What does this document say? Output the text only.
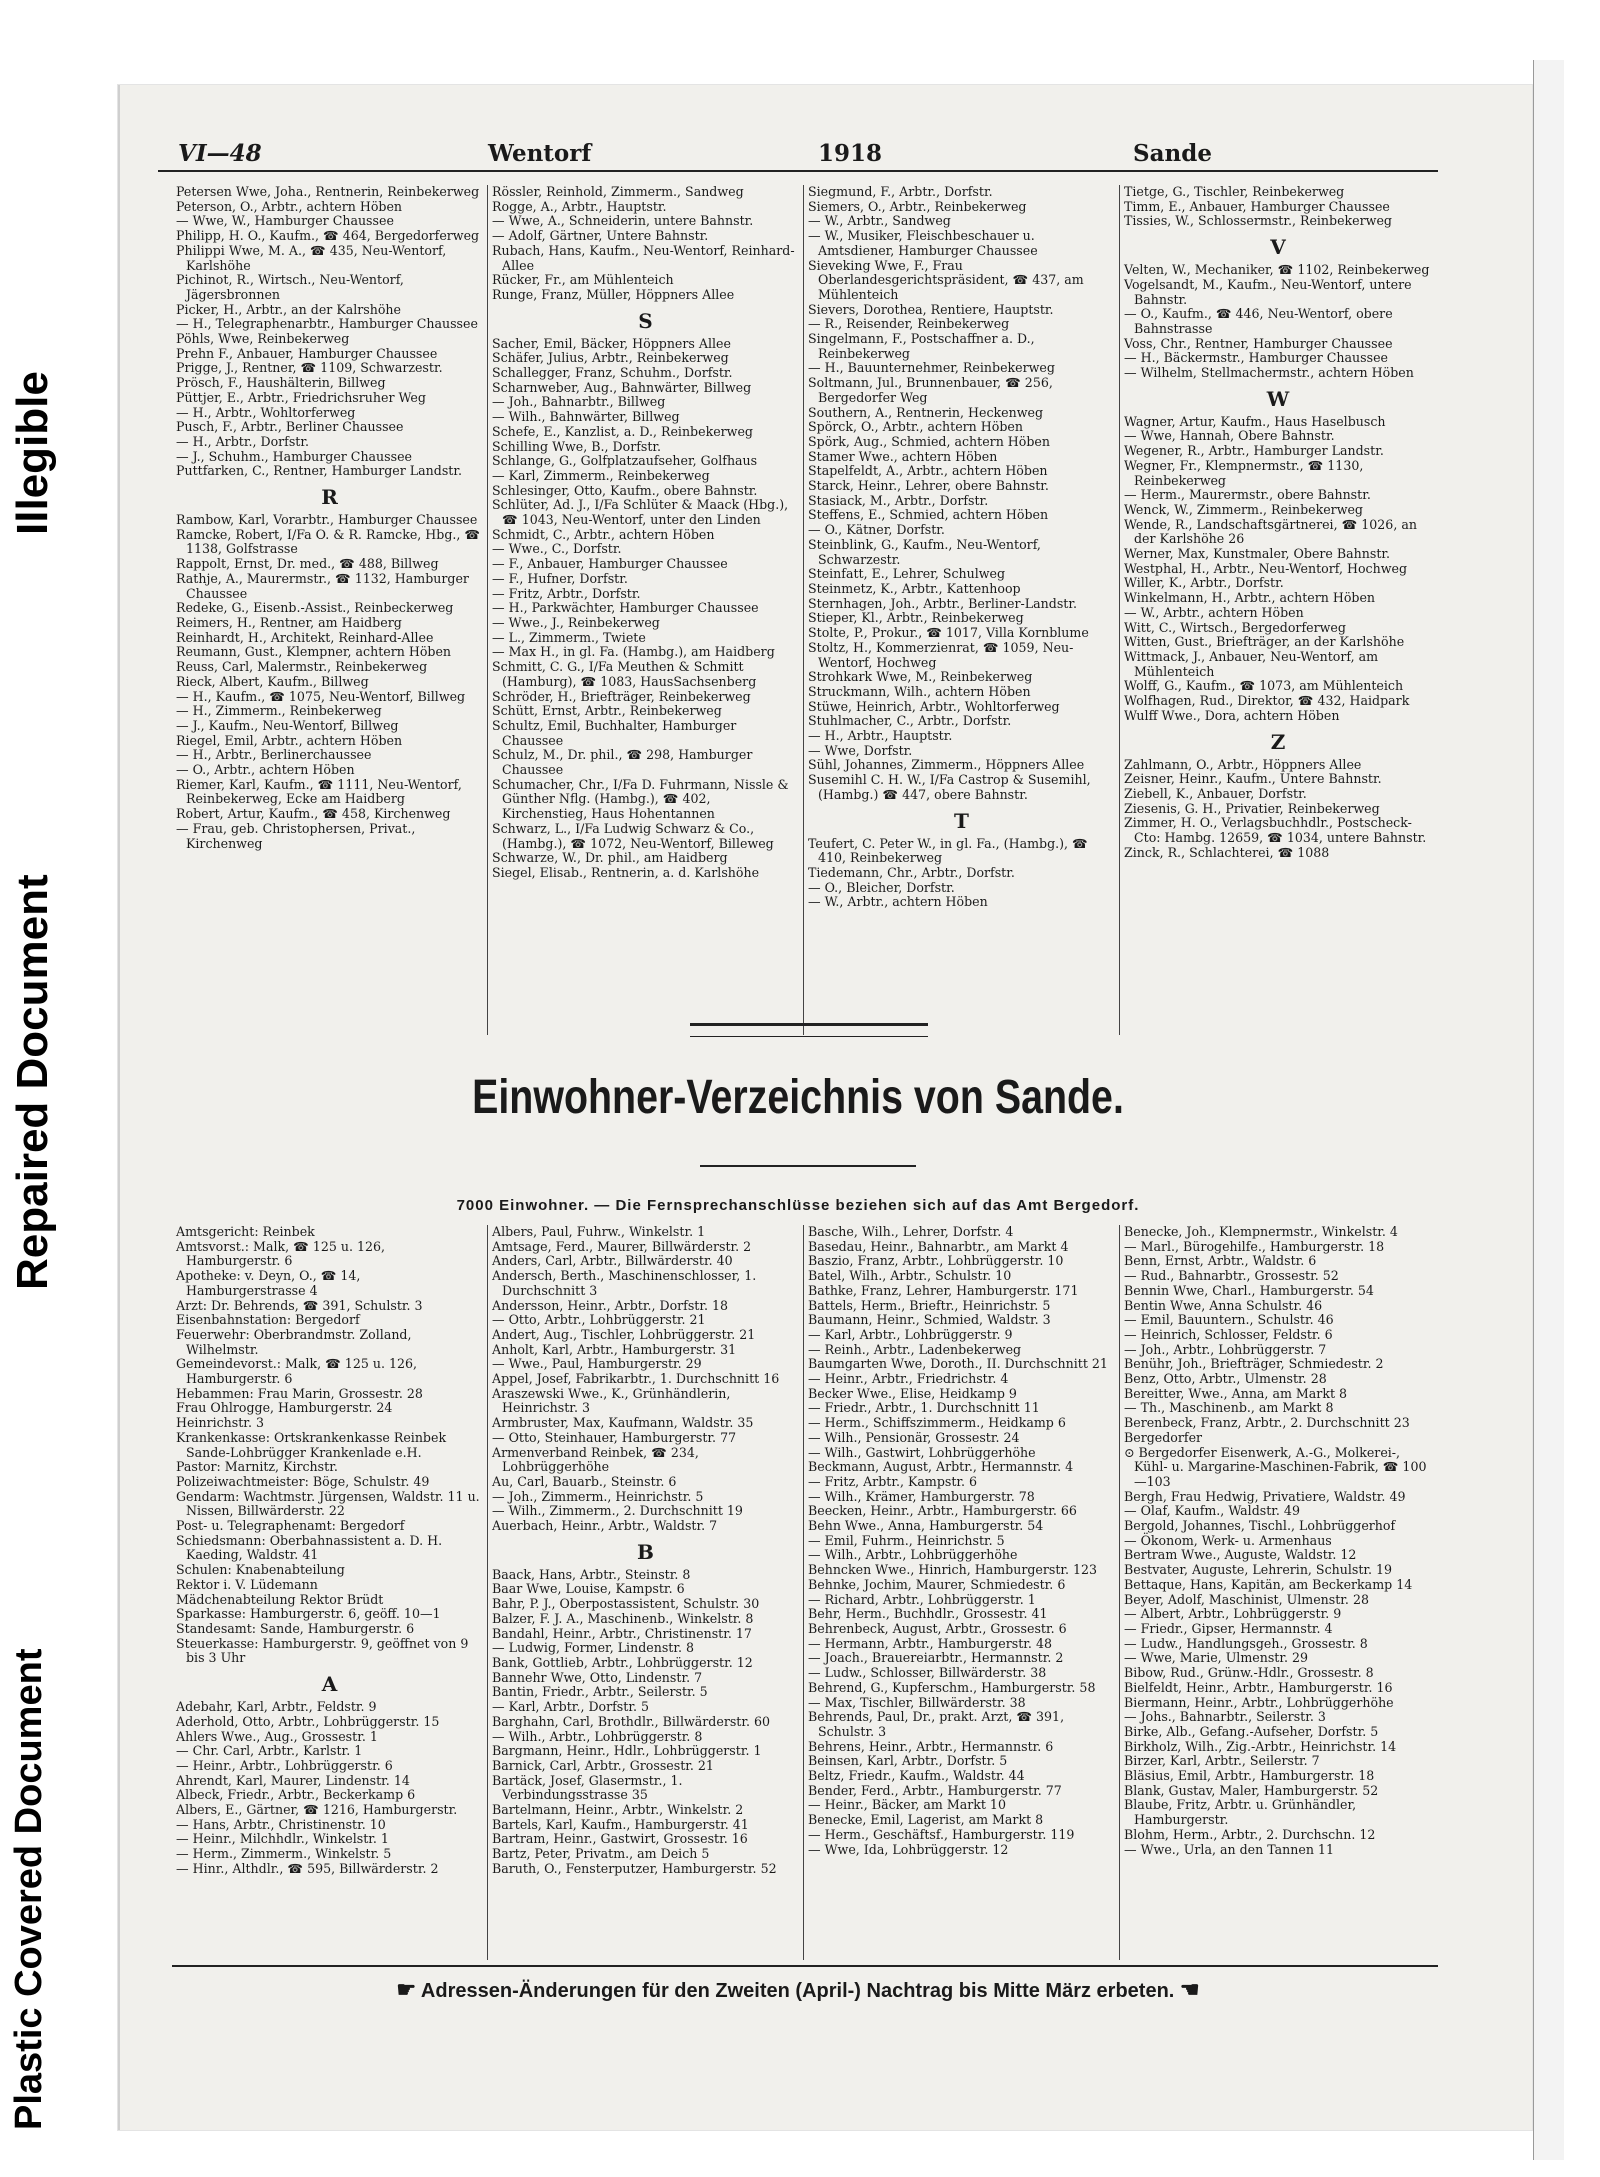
Illegible
Repaired Document
Plastic Covered Document
VI—48	Wentorf	1918	Sande

Petersen Wwe, Joha., Rentnerin, Reinbekerweg

Peterson, O., Arbtr., achtern Höben

— Wwe, W., Hamburger Chaussee

Philipp, H. O., Kaufm., ☎ 464, Bergedorferweg

Philippi Wwe, M. A., ☎ 435, Neu-Wentorf, Karlshöhe

Pichinot, R., Wirtsch., Neu-Wentorf, Jägersbronnen

Picker, H., Arbtr., an der Kalrshöhe

— H., Telegraphenarbtr., Hamburger Chaussee

Pöhls, Wwe, Reinbekerweg

Prehn F., Anbauer, Hamburger Chaussee

Prigge, J., Rentner, ☎ 1109, Schwarzestr.

Prösch, F., Haushälterin, Billweg

Püttjer, E., Arbtr., Friedrichsruher Weg

— H., Arbtr., Wohltorferweg

Pusch, F., Arbtr., Berliner Chaussee

— H., Arbtr., Dorfstr.

— J., Schuhm., Hamburger Chaussee

Puttfarken, C., Rentner, Hamburger Landstr.

R

Rambow, Karl, Vorarbtr., Hamburger Chaussee

Ramcke, Robert, I/Fa O. & R. Ramcke, Hbg., ☎ 1138, Golfstrasse

Rappolt, Ernst, Dr. med., ☎ 488, Billweg

Rathje, A., Maurermstr., ☎ 1132, Hamburger Chaussee

Redeke, G., Eisenb.-Assist., Reinbeckerweg

Reimers, H., Rentner, am Haidberg

Reinhardt, H., Architekt, Reinhard-Allee

Reumann, Gust., Klempner, achtern Höben

Reuss, Carl, Malermstr., Reinbekerweg

Rieck, Albert, Kaufm., Billweg

— H., Kaufm., ☎ 1075, Neu-Wentorf, Billweg

— H., Zimmerm., Reinbekerweg

— J., Kaufm., Neu-Wentorf, Billweg

Riegel, Emil, Arbtr., achtern Höben

— H., Arbtr., Berlinerchaussee

— O., Arbtr., achtern Höben

Riemer, Karl, Kaufm., ☎ 1111, Neu-Wentorf, Reinbekerweg, Ecke am Haidberg

Robert, Artur, Kaufm., ☎ 458, Kirchenweg

— Frau, geb. Christophersen, Privat., Kirchenweg

Rössler, Reinhold, Zimmerm., Sandweg

Rogge, A., Arbtr., Hauptstr.

— Wwe, A., Schneiderin, untere Bahnstr.

— Adolf, Gärtner, Untere Bahnstr.

Rubach, Hans, Kaufm., Neu-Wentorf, Reinhard-Allee

Rücker, Fr., am Mühlenteich

Runge, Franz, Müller, Höppners Allee

S

Sacher, Emil, Bäcker, Höppners Allee

Schäfer, Julius, Arbtr., Reinbekerweg

Schallegger, Franz, Schuhm., Dorfstr.

Scharnweber, Aug., Bahnwärter, Billweg

— Joh., Bahnarbtr., Billweg

— Wilh., Bahnwärter, Billweg

Schefe, E., Kanzlist, a. D., Reinbekerweg

Schilling Wwe, B., Dorfstr.

Schlange, G., Golfplatzaufseher, Golfhaus

— Karl, Zimmerm., Reinbekerweg

Schlesinger, Otto, Kaufm., obere Bahnstr.

Schlüter, Ad. J., I/Fa Schlüter & Maack (Hbg.), ☎ 1043, Neu-Wentorf, unter den Linden

Schmidt, C., Arbtr., achtern Höben

— Wwe., C., Dorfstr.

— F., Anbauer, Hamburger Chaussee

— F., Hufner, Dorfstr.

— Fritz, Arbtr., Dorfstr.

— H., Parkwächter, Hamburger Chaussee

— Wwe., J., Reinbekerweg

— L., Zimmerm., Twiete

— Max H., in gl. Fa. (Hambg.), am Haidberg

Schmitt, C. G., I/Fa Meuthen & Schmitt (Hamburg), ☎ 1083, HausSachsenberg

Schröder, H., Briefträger, Reinbekerweg

Schütt, Ernst, Arbtr., Reinbekerweg

Schultz, Emil, Buchhalter, Hamburger Chaussee

Schulz, M., Dr. phil., ☎ 298, Hamburger Chaussee

Schumacher, Chr., I/Fa D. Fuhrmann, Nissle & Günther Nflg. (Hambg.), ☎ 402, Kirchenstieg, Haus Hohentannen

Schwarz, L., I/Fa Ludwig Schwarz & Co., (Hambg.), ☎ 1072, Neu-Wentorf, Billeweg

Schwarze, W., Dr. phil., am Haidberg

Siegel, Elisab., Rentnerin, a. d. Karlshöhe

Siegmund, F., Arbtr., Dorfstr.

Siemers, O., Arbtr., Reinbekerweg

— W., Arbtr., Sandweg

— W., Musiker, Fleischbeschauer u. Amtsdiener, Hamburger Chaussee

Sieveking Wwe, F., Frau Oberlandesgerichtspräsident, ☎ 437, am Mühlenteich

Sievers, Dorothea, Rentiere, Hauptstr.

— R., Reisender, Reinbekerweg

Singelmann, F., Postschaffner a. D., Reinbekerweg

— H., Bauunternehmer, Reinbekerweg

Soltmann, Jul., Brunnenbauer, ☎ 256, Bergedorfer Weg

Southern, A., Rentnerin, Heckenweg

Spörck, O., Arbtr., achtern Höben

Spörk, Aug., Schmied, achtern Höben

Stamer Wwe., achtern Höben

Stapelfeldt, A., Arbtr., achtern Höben

Starck, Heinr., Lehrer, obere Bahnstr.

Stasiack, M., Arbtr., Dorfstr.

Steffens, E., Schmied, achtern Höben

— O., Kätner, Dorfstr.

Steinblink, G., Kaufm., Neu-Wentorf, Schwarzestr.

Steinfatt, E., Lehrer, Schulweg

Steinmetz, K., Arbtr., Kattenhoop

Sternhagen, Joh., Arbtr., Berliner-Landstr.

Stieper, Kl., Arbtr., Reinbekerweg

Stolte, P., Prokur., ☎ 1017, Villa Kornblume

Stoltz, H., Kommerzienrat, ☎ 1059, Neu-Wentorf, Hochweg

Strohkark Wwe, M., Reinbekerweg

Struckmann, Wilh., achtern Höben

Stüwe, Heinrich, Arbtr., Wohltorferweg

Stuhlmacher, C., Arbtr., Dorfstr.

— H., Arbtr., Hauptstr.

— Wwe, Dorfstr.

Sühl, Johannes, Zimmerm., Höppners Allee

Susemihl C. H. W., I/Fa Castrop & Susemihl, (Hambg.) ☎ 447, obere Bahnstr.

T

Teufert, C. Peter W., in gl. Fa., (Hambg.), ☎ 410, Reinbekerweg

Tiedemann, Chr., Arbtr., Dorfstr.

— O., Bleicher, Dorfstr.

— W., Arbtr., achtern Höben

Tietge, G., Tischler, Reinbekerweg

Timm, E., Anbauer, Hamburger Chaussee

Tissies, W., Schlossermstr., Reinbekerweg

V

Velten, W., Mechaniker, ☎ 1102, Reinbekerweg

Vogelsandt, M., Kaufm., Neu-Wentorf, untere Bahnstr.

— O., Kaufm., ☎ 446, Neu-Wentorf, obere Bahnstrasse

Voss, Chr., Rentner, Hamburger Chaussee

— H., Bäckermstr., Hamburger Chaussee

— Wilhelm, Stellmachermstr., achtern Höben

W

Wagner, Artur, Kaufm., Haus Haselbusch

— Wwe, Hannah, Obere Bahnstr.

Wegener, R., Arbtr., Hamburger Landstr.

Wegner, Fr., Klempnermstr., ☎ 1130, Reinbekerweg

— Herm., Maurermstr., obere Bahnstr.

Wenck, W., Zimmerm., Reinbekerweg

Wende, R., Landschaftsgärtnerei, ☎ 1026, an der Karlshöhe 26

Werner, Max, Kunstmaler, Obere Bahnstr.

Westphal, H., Arbtr., Neu-Wentorf, Hochweg

Willer, K., Arbtr., Dorfstr.

Winkelmann, H., Arbtr., achtern Höben

— W., Arbtr., achtern Höben

Witt, C., Wirtsch., Bergedorferweg

Witten, Gust., Briefträger, an der Karlshöhe

Wittmack, J., Anbauer, Neu-Wentorf, am Mühlenteich

Wolff, G., Kaufm., ☎ 1073, am Mühlenteich

Wolfhagen, Rud., Direktor, ☎ 432, Haidpark

Wulff Wwe., Dora, achtern Höben

Z

Zahlmann, O., Arbtr., Höppners Allee

Zeisner, Heinr., Kaufm., Untere Bahnstr.

Ziebell, K., Anbauer, Dorfstr.

Ziesenis, G. H., Privatier, Reinbekerweg

Zimmer, H. O., Verlagsbuchhdlr., Postscheck-Cto: Hambg. 12659, ☎ 1034, untere Bahnstr.

Zinck, R., Schlachterei, ☎ 1088

Einwohner-Verzeichnis von Sande.
7000 Einwohner. — Die Fernsprechanschlüsse beziehen sich auf das Amt Bergedorf.

Amtsgericht: Reinbek

Amtsvorst.: Malk, ☎ 125 u. 126, Hamburgerstr. 6

Apotheke: v. Deyn, O., ☎ 14, Hamburgerstrasse 4

Arzt: Dr. Behrends, ☎ 391, Schulstr. 3

Eisenbahnstation: Bergedorf

Feuerwehr: Oberbrandmstr. Zolland, Wilhelmstr.

Gemeindevorst.: Malk, ☎ 125 u. 126, Hamburgerstr. 6

Hebammen: Frau Marin, Grossestr. 28

Frau Ohlrogge, Hamburgerstr. 24

Heinrichstr. 3

Krankenkasse: Ortskrankenkasse Reinbek Sande-Lohbrügger Krankenlade e.H.

Pastor: Marnitz, Kirchstr.

Polizeiwachtmeister: Böge, Schulstr. 49

Gendarm: Wachtmstr. Jürgensen, Waldstr. 11 u. Nissen, Billwärderstr. 22

Post- u. Telegraphenamt: Bergedorf

Schiedsmann: Oberbahnassistent a. D. H. Kaeding, Waldstr. 41

Schulen: Knabenabteilung

Rektor i. V. Lüdemann

Mädchenabteilung Rektor Brüdt

Sparkasse: Hamburgerstr. 6, geöff. 10—1

Standesamt: Sande, Hamburgerstr. 6

Steuerkasse: Hamburgerstr. 9, geöffnet von 9 bis 3 Uhr

A

Adebahr, Karl, Arbtr., Feldstr. 9

Aderhold, Otto, Arbtr., Lohbrüggerstr. 15

Ahlers Wwe., Aug., Grossestr. 1

— Chr. Carl, Arbtr., Karlstr. 1

— Heinr., Arbtr., Lohbrüggerstr. 6

Ahrendt, Karl, Maurer, Lindenstr. 14

Albeck, Friedr., Arbtr., Beckerkamp 6

Albers, E., Gärtner, ☎ 1216, Hamburgerstr.

— Hans, Arbtr., Christinenstr. 10

— Heinr., Milchhdlr., Winkelstr. 1

— Herm., Zimmerm., Winkelstr. 5

— Hinr., Althdlr., ☎ 595, Billwärderstr. 2

Albers, Paul, Fuhrw., Winkelstr. 1

Amtsage, Ferd., Maurer, Billwärderstr. 2

Anders, Carl, Arbtr., Billwärderstr. 40

Andersch, Berth., Maschinenschlosser, 1. Durchschnitt 3

Andersson, Heinr., Arbtr., Dorfstr. 18

— Otto, Arbtr., Lohbrüggerstr. 21

Andert, Aug., Tischler, Lohbrüggerstr. 21

Anholt, Karl, Arbtr., Hamburgerstr. 31

— Wwe., Paul, Hamburgerstr. 29

Appel, Josef, Fabrikarbtr., 1. Durchschnitt 16

Araszewski Wwe., K., Grünhändlerin, Heinrichstr. 3

Armbruster, Max, Kaufmann, Waldstr. 35

— Otto, Steinhauer, Hamburgerstr. 77

Armenverband Reinbek, ☎ 234, Lohbrüggerhöhe

Au, Carl, Bauarb., Steinstr. 6

— Joh., Zimmerm., Heinrichstr. 5

— Wilh., Zimmerm., 2. Durchschnitt 19

Auerbach, Heinr., Arbtr., Waldstr. 7

B

Baack, Hans, Arbtr., Steinstr. 8

Baar Wwe, Louise, Kampstr. 6

Bahr, P. J., Oberpostassistent, Schulstr. 30

Balzer, F. J. A., Maschinenb., Winkelstr. 8

Bandahl, Heinr., Arbtr., Christinenstr. 17

— Ludwig, Former, Lindenstr. 8

Bank, Gottlieb, Arbtr., Lohbrüggerstr. 12

Bannehr Wwe, Otto, Lindenstr. 7

Bantin, Friedr., Arbtr., Seilerstr. 5

— Karl, Arbtr., Dorfstr. 5

Barghahn, Carl, Brothdlr., Billwärderstr. 60

— Wilh., Arbtr., Lohbrüggerstr. 8

Bargmann, Heinr., Hdlr., Lohbrüggerstr. 1

Barnick, Carl, Arbtr., Grossestr. 21

Bartäck, Josef, Glasermstr., 1. Verbindungsstrasse 35

Bartelmann, Heinr., Arbtr., Winkelstr. 2

Bartels, Karl, Kaufm., Hamburgerstr. 41

Bartram, Heinr., Gastwirt, Grossestr. 16

Bartz, Peter, Privatm., am Deich 5

Baruth, O., Fensterputzer, Hamburgerstr. 52

Basche, Wilh., Lehrer, Dorfstr. 4

Basedau, Heinr., Bahnarbtr., am Markt 4

Baszio, Franz, Arbtr., Lohbrüggerstr. 10

Batel, Wilh., Arbtr., Schulstr. 10

Bathke, Franz, Lehrer, Hamburgerstr. 171

Battels, Herm., Brieftr., Heinrichstr. 5

Baumann, Heinr., Schmied, Waldstr. 3

— Karl, Arbtr., Lohbrüggerstr. 9

— Reinh., Arbtr., Ladenbekerweg

Baumgarten Wwe, Doroth., II. Durchschnitt 21

— Heinr., Arbtr., Friedrichstr. 4

Becker Wwe., Elise, Heidkamp 9

— Friedr., Arbtr., 1. Durchschnitt 11

— Herm., Schiffszimmerm., Heidkamp 6

— Wilh., Pensionär, Grossestr. 24

— Wilh., Gastwirt, Lohbrüggerhöhe

Beckmann, August, Arbtr., Hermannstr. 4

— Fritz, Arbtr., Kampstr. 6

— Wilh., Krämer, Hamburgerstr. 78

Beecken, Heinr., Arbtr., Hamburgerstr. 66

Behn Wwe., Anna, Hamburgerstr. 54

— Emil, Fuhrm., Heinrichstr. 5

— Wilh., Arbtr., Lohbrüggerhöhe

Behncken Wwe., Hinrich, Hamburgerstr. 123

Behnke, Jochim, Maurer, Schmiedestr. 6

— Richard, Arbtr., Lohbrüggerstr. 1

Behr, Herm., Buchhdlr., Grossestr. 41

Behrenbeck, August, Arbtr., Grossestr. 6

— Hermann, Arbtr., Hamburgerstr. 48

— Joach., Brauereiarbtr., Hermannstr. 2

— Ludw., Schlosser, Billwärderstr. 38

Behrend, G., Kupferschm., Hamburgerstr. 58

— Max, Tischler, Billwärderstr. 38

Behrends, Paul, Dr., prakt. Arzt, ☎ 391, Schulstr. 3

Behrens, Heinr., Arbtr., Hermannstr. 6

Beinsen, Karl, Arbtr., Dorfstr. 5

Beltz, Friedr., Kaufm., Waldstr. 44

Bender, Ferd., Arbtr., Hamburgerstr. 77

— Heinr., Bäcker, am Markt 10

Benecke, Emil, Lagerist, am Markt 8

— Herm., Geschäftsf., Hamburgerstr. 119

— Wwe, Ida, Lohbrüggerstr. 12

Benecke, Joh., Klempnermstr., Winkelstr. 4

— Marl., Bürogehilfe., Hamburgerstr. 18

Benn, Ernst, Arbtr., Waldstr. 6

— Rud., Bahnarbtr., Grossestr. 52

Bennin Wwe, Charl., Hamburgerstr. 54

Bentin Wwe, Anna Schulstr. 46

— Emil, Bauuntern., Schulstr. 46

— Heinrich, Schlosser, Feldstr. 6

— Joh., Arbtr., Lohbrüggerstr. 7

Benühr, Joh., Briefträger, Schmiedestr. 2

Benz, Otto, Arbtr., Ulmenstr. 28

Bereitter, Wwe., Anna, am Markt 8

— Th., Maschinenb., am Markt 8

Berenbeck, Franz, Arbtr., 2. Durchschnitt 23

Bergedorfer

⊙ Bergedorfer Eisenwerk, A.-G., Molkerei-, Kühl- u. Margarine-Maschinen-Fabrik, ☎ 100—103

Bergh, Frau Hedwig, Privatiere, Waldstr. 49

— Olaf, Kaufm., Waldstr. 49

Bergold, Johannes, Tischl., Lohbrüggerhof

— Ökonom, Werk- u. Armenhaus

Bertram Wwe., Auguste, Waldstr. 12

Bestvater, Auguste, Lehrerin, Schulstr. 19

Bettaque, Hans, Kapitän, am Beckerkamp 14

Beyer, Adolf, Maschinist, Ulmenstr. 28

— Albert, Arbtr., Lohbrüggerstr. 9

— Friedr., Gipser, Hermannstr. 4

— Ludw., Handlungsgeh., Grossestr. 8

— Wwe, Marie, Ulmenstr. 29

Bibow, Rud., Grünw.-Hdlr., Grossestr. 8

Bielfeldt, Heinr., Arbtr., Hamburgerstr. 16

Biermann, Heinr., Arbtr., Lohbrüggerhöhe

— Johs., Bahnarbtr., Seilerstr. 3

Birke, Alb., Gefang.-Aufseher, Dorfstr. 5

Birkholz, Wilh., Zig.-Arbtr., Heinrichstr. 14

Birzer, Karl, Arbtr., Seilerstr. 7

Bläsius, Emil, Arbtr., Hamburgerstr. 18

Blank, Gustav, Maler, Hamburgerstr. 52

Blaube, Fritz, Arbtr. u. Grünhändler, Hamburgerstr.

Blohm, Herm., Arbtr., 2. Durchschn. 12

— Wwe., Urla, an den Tannen 11

☛ Adressen-Änderungen für den Zweiten (April-) Nachtrag bis Mitte März erbeten. ☚
